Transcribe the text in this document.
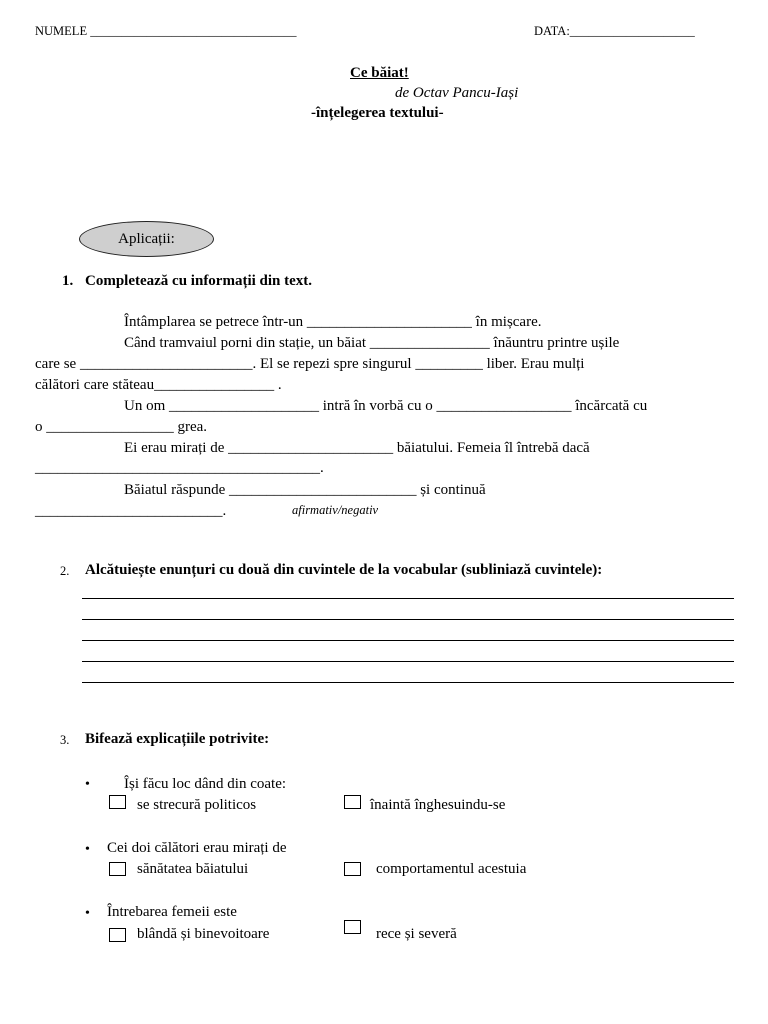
NUMELE _________________________________	DATA:____________________
Ce băiat!
de Octav Pancu-Iași
-înțelegerea textului-
Aplicații:
1. Completează cu informații din text.
Întâmplarea se petrece într-un ______________________ în mișcare.
Când tramvaiul porni din stație, un băiat ________________ înăuntru printre ușile
care se _______________________. El se repezi spre singurul _________ liber. Erau mulți
călători care stăteau________________ .
Un om ____________________ intră în vorbă cu o __________________ încărcată cu
o _________________ grea.
Ei erau mirați de ______________________ băiatului. Femeia îl întrebă dacă
______________________________________.
Băiatul răspunde _________________________ și continuă
_________________________.	afirmativ/negativ
2. Alcătuiește enunțuri cu două din cuvintele de la vocabular (subliniază cuvintele):
3. Bifează explicațiile potrivite:
• Își făcu loc dând din coate:
se strecură politicos	înaintă înghesuindu-se
• Cei doi călători erau mirați de
sănătatea băiatului	comportamentul acestuia
• Întrebarea femeii este
blândă și binevoitoare	rece și severă
